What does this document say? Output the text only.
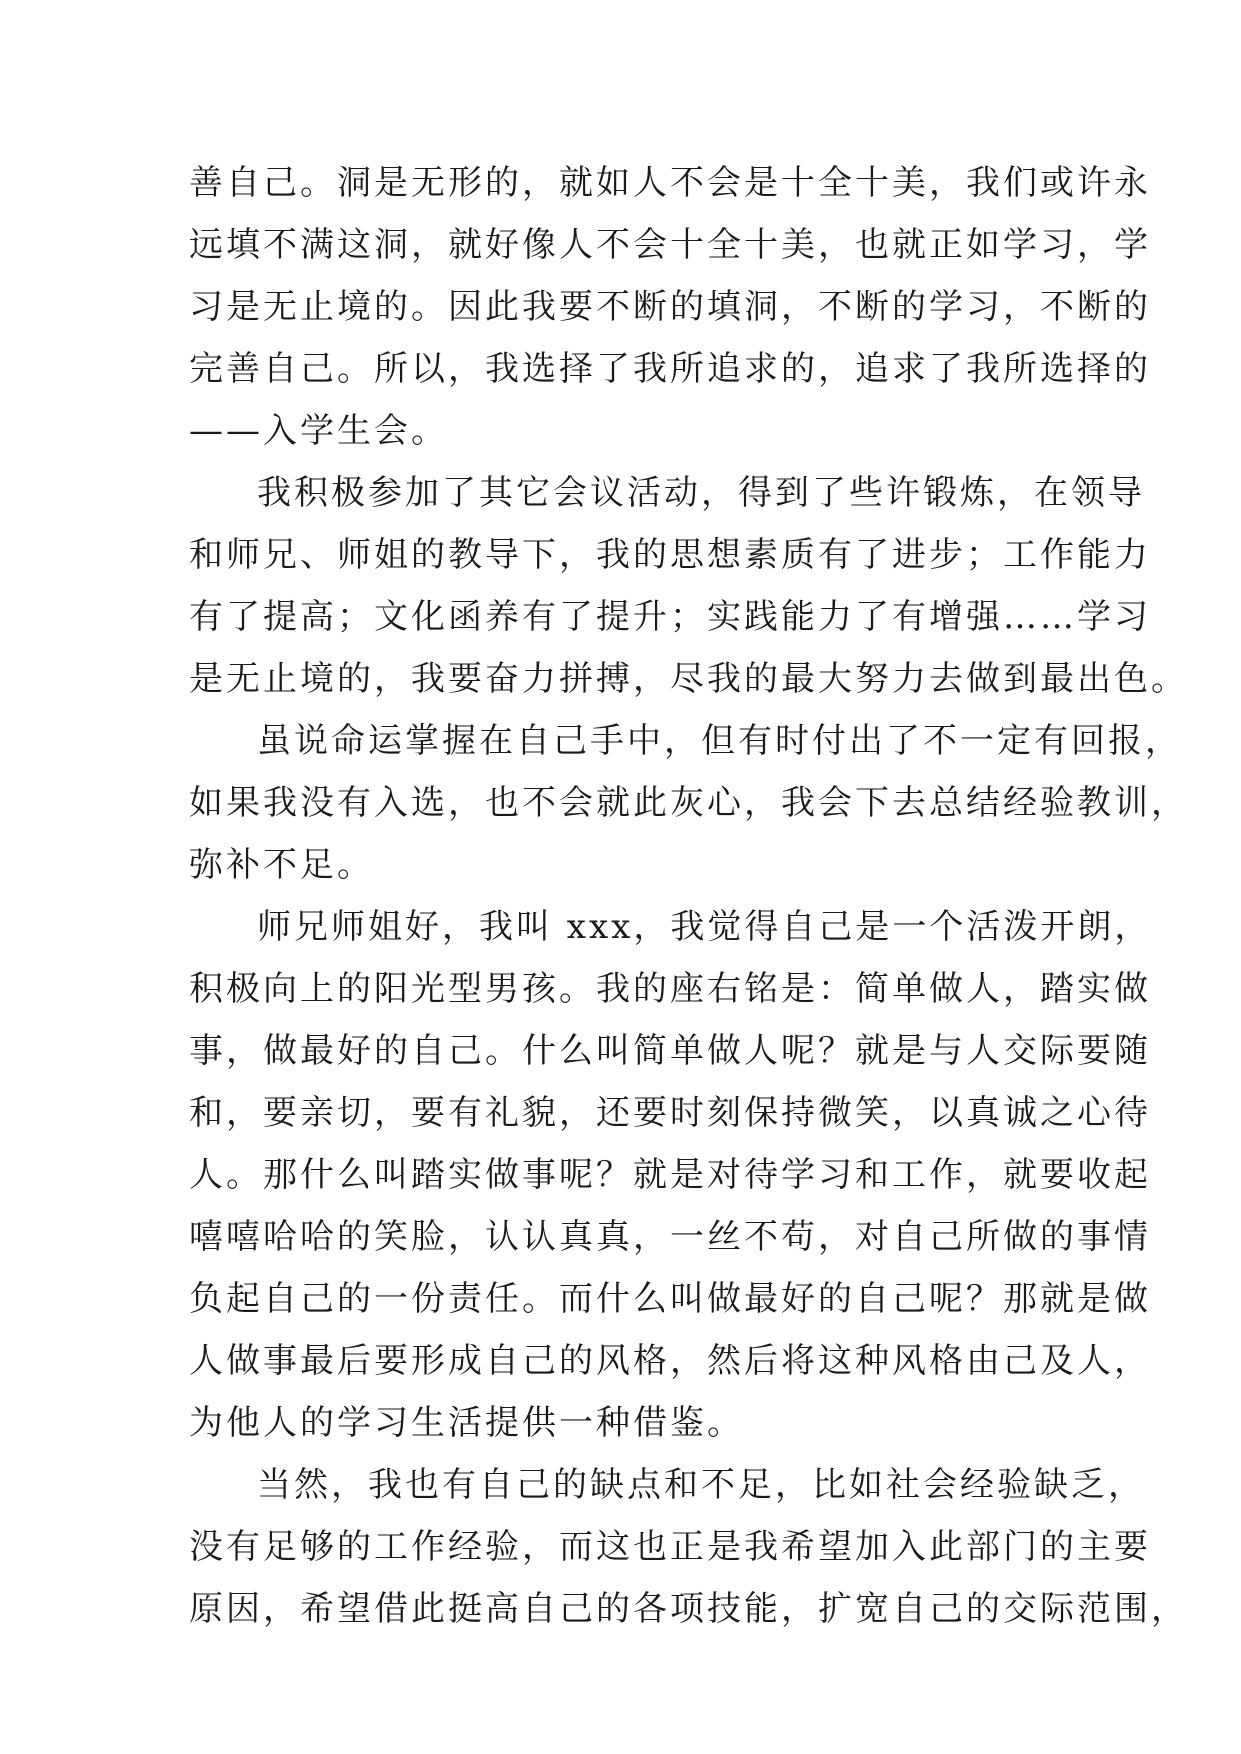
善自己。洞是无形的，就如人不会是十全十美，我们或许永
远填不满这洞，就好像人不会十全十美，也就正如学习，学
习是无止境的。因此我要不断的填洞，不断的学习，不断的
完善自己。所以，我选择了我所追求的，追求了我所选择的
——入学生会。
我积极参加了其它会议活动，得到了些许锻炼，在领导
和师兄、师姐的教导下，我的思想素质有了进步；工作能力
有了提高；文化函养有了提升；实践能力了有增强……学习
是无止境的，我要奋力拼搏，尽我的最大努力去做到最出色。
虽说命运掌握在自己手中，但有时付出了不一定有回报，
如果我没有入选，也不会就此灰心，我会下去总结经验教训，
弥补不足。
师兄师姐好，我叫 xxx，我觉得自己是一个活泼开朗，
积极向上的阳光型男孩。我的座右铭是：简单做人，踏实做
事，做最好的自己。什么叫简单做人呢？就是与人交际要随
和，要亲切，要有礼貌，还要时刻保持微笑，以真诚之心待
人。那什么叫踏实做事呢？就是对待学习和工作，就要收起
嘻嘻哈哈的笑脸，认认真真，一丝不苟，对自己所做的事情
负起自己的一份责任。而什么叫做最好的自己呢？那就是做
人做事最后要形成自己的风格，然后将这种风格由己及人，
为他人的学习生活提供一种借鉴。
当然，我也有自己的缺点和不足，比如社会经验缺乏，
没有足够的工作经验，而这也正是我希望加入此部门的主要
原因，希望借此挺高自己的各项技能，扩宽自己的交际范围，
